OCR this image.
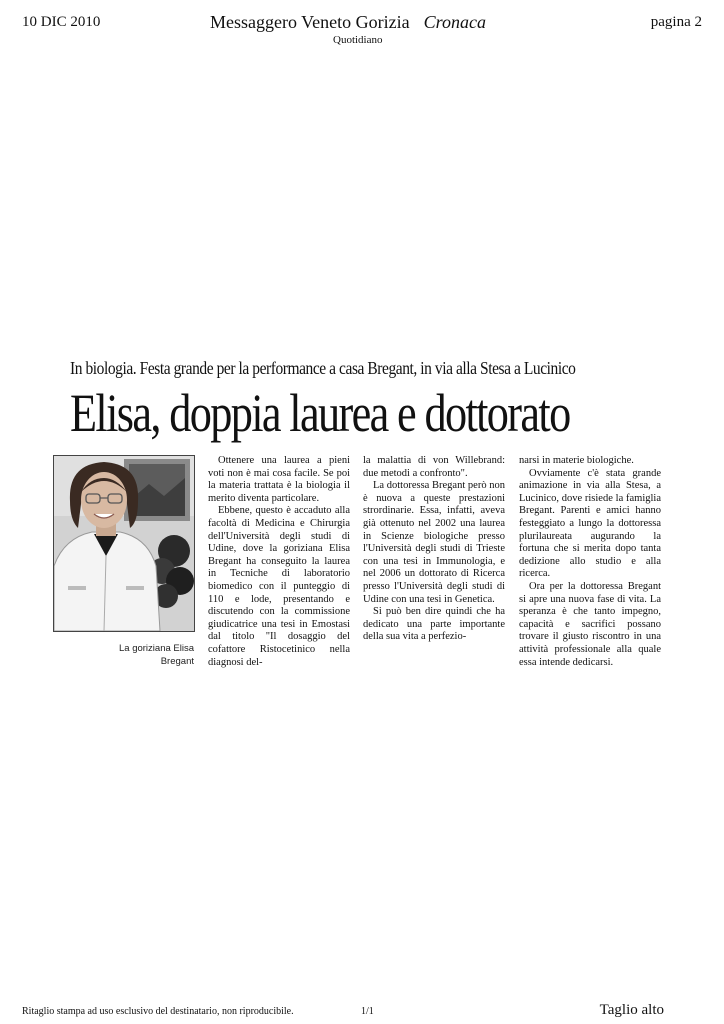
10 DIC 2010	Messaggero Veneto Gorizia Cronaca
Quotidiano
pagina 2
In biologia. Festa grande per la performance a casa Bregant, in via alla Stesa a Lucinico
Elisa, doppia laurea e dottorato
La goriziana Elisa Bregant

Ottenere una laurea a pieni voti non è mai cosa facile. Se poi la materia trattata è la biologia il merito diventa particolare.

Ebbene, questo è accaduto alla facoltà di Medicina e Chirurgia dell'Università degli studi di Udine, dove la goriziana Elisa Bregant ha conseguito la laurea in Tecniche di laboratorio biomedico con il punteggio di 110 e lode, presentando e discutendo con la commissione giudicatrice una tesi in Emostasi dal titolo "Il dosaggio del cofattore Ristocetinico nella diagnosi del-

la malattia di von Willebrand: due metodi a confronto".

La dottoressa Bregant però non è nuova a queste prestazioni strordinarie. Essa, infatti, aveva già ottenuto nel 2002 una laurea in Scienze biologiche presso l'Università degli studi di Trieste con una tesi in Immunologia, e nel 2006 un dottorato di Ricerca presso l'Università degli studi di Udine con una tesi in Genetica.

Si può ben dire quindi che ha dedicato una parte importante della sua vita a perfezio-

narsi in materie biologiche.

Ovviamente c'è stata grande animazione in via alla Stesa, a Lucinico, dove risiede la famiglia Bregant. Parenti e amici hanno festeggiato a lungo la dottoressa plurilaureata augurando la fortuna che si merita dopo tanta dedizione allo studio e alla ricerca.

Ora per la dottoressa Bregant si apre una nuova fase di vita. La speranza è che tanto impegno, capacità e sacrifici possano trovare il giusto riscontro in una attività professionale alla quale essa intende dedicarsi.

Ritaglio stampa ad uso esclusivo del destinatario, non riproducibile.	1/1	Taglio alto
